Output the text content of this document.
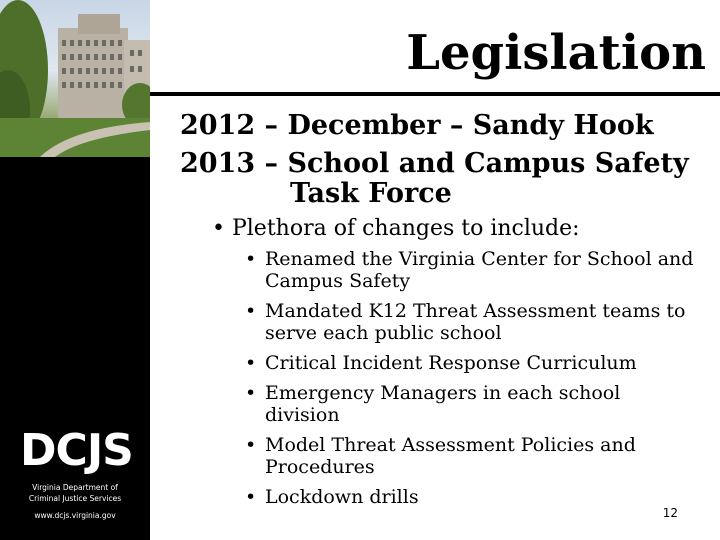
DCJS
Virginia Department of
Criminal Justice Services
www.dcjs.virginia.gov
Legislation
2012 – December – Sandy Hook
2013 – School and Campus Safety
Task Force
• Plethora of changes to include:
• Renamed the Virginia Center for School and Campus Safety
• Mandated K12 Threat Assessment teams to serve each public school
• Critical Incident Response Curriculum
• Emergency Managers in each school division
• Model Threat Assessment Policies and Procedures
• Lockdown drills
12
